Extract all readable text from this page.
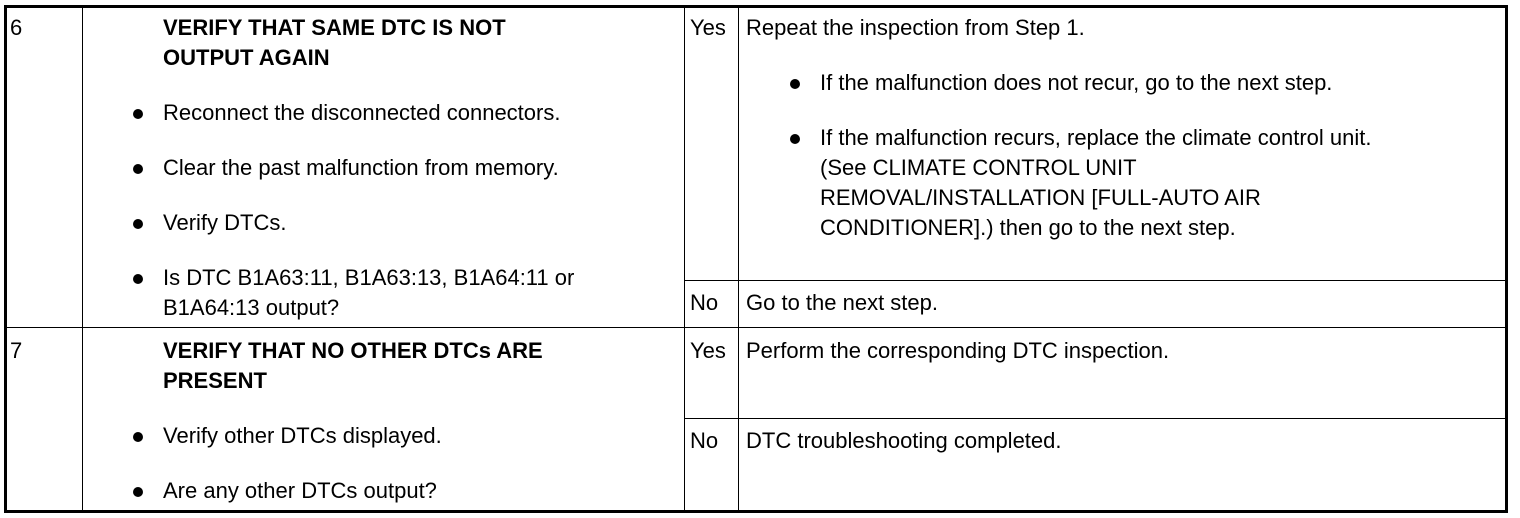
6	VERIFY THAT SAME DTC IS NOT
OUTPUT AGAIN
Reconnect the disconnected connectors.
Clear the past malfunction from memory.
Verify DTCs.
Is DTC B1A63:11, B1A63:13, B1A64:11 or
B1A64:13 output?
Yes Repeat the inspection from Step 1.
If the malfunction does not recur, go to the next step.
If the malfunction recurs, replace the climate control unit.
(See CLIMATE CONTROL UNIT
REMOVAL/INSTALLATION [FULL-AUTO AIR
CONDITIONER].) then go to the next step.
No Go to the next step.
7	VERIFY THAT NO OTHER DTCs ARE
PRESENT
Verify other DTCs displayed.
Are any other DTCs output?
Yes Perform the corresponding DTC inspection.
No DTC troubleshooting completed.
